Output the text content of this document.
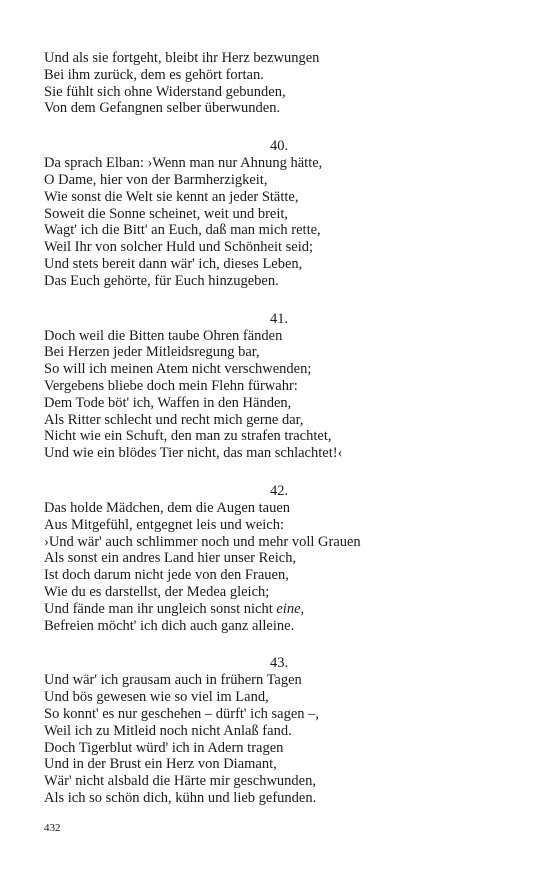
Und als sie fortgeht, bleibt ihr Herz bezwungen
Bei ihm zurück, dem es gehört fortan.
Sie fühlt sich ohne Widerstand gebunden,
Von dem Gefangnen selber überwunden.
40.
Da sprach Elban: ›Wenn man nur Ahnung hätte,
O Dame, hier von der Barmherzigkeit,
Wie sonst die Welt sie kennt an jeder Stätte,
Soweit die Sonne scheinet, weit und breit,
Wagt' ich die Bitt' an Euch, daß man mich rette,
Weil Ihr von solcher Huld und Schönheit seid;
Und stets bereit dann wär' ich, dieses Leben,
Das Euch gehörte, für Euch hinzugeben.
41.
Doch weil die Bitten taube Ohren fänden
Bei Herzen jeder Mitleidsregung bar,
So will ich meinen Atem nicht verschwenden;
Vergebens bliebe doch mein Flehn fürwahr:
Dem Tode böt' ich, Waffen in den Händen,
Als Ritter schlecht und recht mich gerne dar,
Nicht wie ein Schuft, den man zu strafen trachtet,
Und wie ein blödes Tier nicht, das man schlachtet!‹
42.
Das holde Mädchen, dem die Augen tauen
Aus Mitgefühl, entgegnet leis und weich:
›Und wär' auch schlimmer noch und mehr voll Grauen
Als sonst ein andres Land hier unser Reich,
Ist doch darum nicht jede von den Frauen,
Wie du es darstellst, der Medea gleich;
Und fände man ihr ungleich sonst nicht eine,
Befreien möcht' ich dich auch ganz alleine.
43.
Und wär' ich grausam auch in frühern Tagen
Und bös gewesen wie so viel im Land,
So konnt' es nur geschehen – dürft' ich sagen –,
Weil ich zu Mitleid noch nicht Anlaß fand.
Doch Tigerblut würd' ich in Adern tragen
Und in der Brust ein Herz von Diamant,
Wär' nicht alsbald die Härte mir geschwunden,
Als ich so schön dich, kühn und lieb gefunden.
432
